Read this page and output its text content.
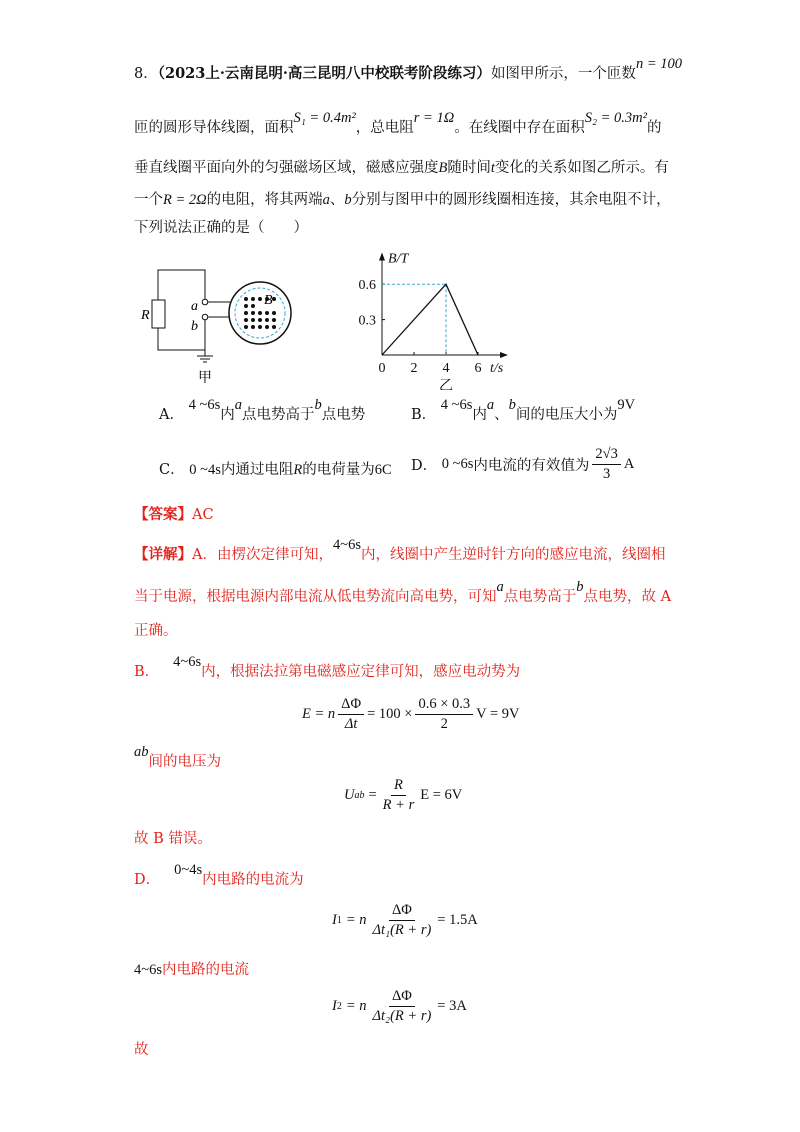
8．（2023上·云南昆明·高三昆明八中校联考阶段练习）如图甲所示，一个匝数n = 100
匝的圆形导体线圈，面积S₁ = 0.4m²，总电阻r = 1Ω。在线圈中存在面积S₂ = 0.3m²的
垂直线圈平面向外的匀强磁场区域，磁感应强度B随时间t变化的关系如图乙所示。有
一个R = 2Ω的电阻，将其两端a、b分别与图甲中的圆形线圈相连接，其余电阻不计，
下列说法正确的是（　　）
R
a
b
B
甲
0 2 4 6
0.3
0.6
B/T
t/s
乙
A． 4 ~6s内a点电势高于b点电势	B． 4 ~6s内a、b间的电压大小为9V
C． 0 ~4s内通过电阻R的电荷量为6C D．
0 ~6s 内电流的有效值为 $\frac{2√3}{3}$ A
【答案】AC
【详解】A．由楞次定律可知，4~6s内，线圈中产生逆时针方向的感应电流，线圈相
当于电源，根据电源内部电流从低电势流向高电势，可知a点电势高于b点电势，故 A
正确。
B．4~6s内，根据法拉第电磁感应定律可知，感应电动势为
E = n $\frac{\Delta\Phi}{\Delta t} = 100 \times \frac{0.6 \times 0.3}{2}$ V = 9V
ab间的电压为
U ab = $\frac{R}{R + r}$ E = 6V
故 B 错误。
D．0~4s内电路的电流为
I 1 = n $\frac{\Delta\Phi}{\text{Δt₁(R + r)}} = 1.5A$
4~6s内电路的电流
I 2 = n $\frac{\Delta\Phi}{\text{Δt₂(R + r)}} = 3A$
故
